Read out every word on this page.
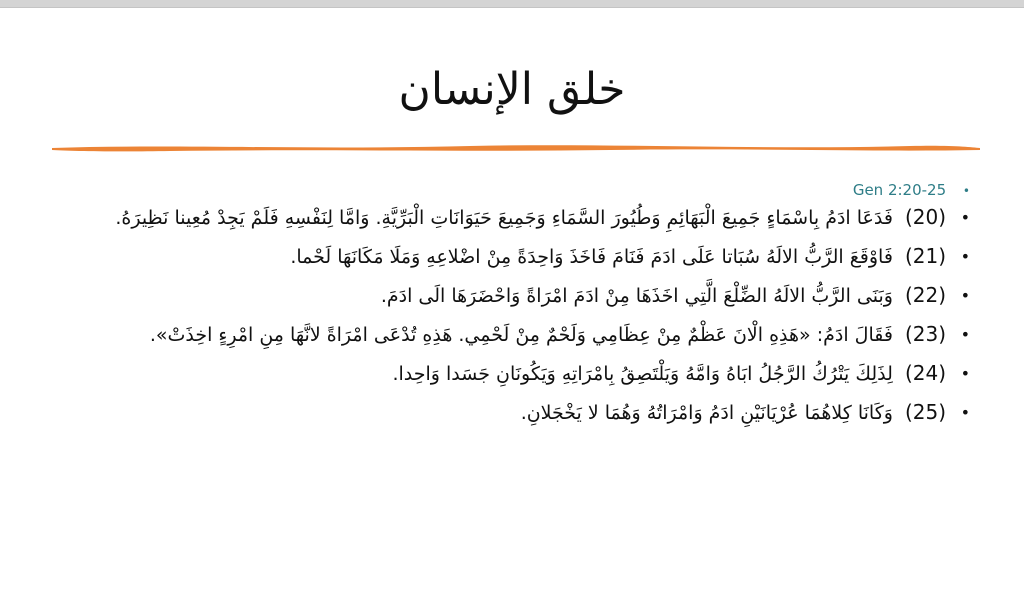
خلق الإنسان
Gen 2:20-25 •
•
(20)فَدَعَا ادَمُ بِاسْمَاءٍ جَمِيعَ الْبَهَائِمِ وَطُيُورَ السَّمَاءِ وَجَمِيعَ حَيَوَانَاتِ الْبَرِّيَّةِ. وَامَّا لِنَفْسِهِ فَلَمْ يَجِدْ مُعِينا نَظِيرَهُ.
•
(21)فَاوْقَعَ الرَّبُّ الالَهُ سُبَاتا عَلَى ادَمَ فَنَامَ فَاخَذَ وَاحِدَةً مِنْ اضْلاعِهِ وَمَلَا مَكَانَهَا لَحْما.
•
(22)وَبَنَى الرَّبُّ الالَهُ الضِّلْعَ الَّتِي اخَذَهَا مِنْ ادَمَ امْرَاةً وَاحْضَرَهَا الَى ادَمَ.
•
(23)فَقَالَ ادَمُ: «هَذِهِ الْانَ عَظْمٌ مِنْ عِظَامِي وَلَحْمٌ مِنْ لَحْمِي. هَذِهِ تُدْعَى امْرَاةً لانَّهَا مِنِ امْرِءٍ اخِذَتْ».
•
(24)لِذَلِكَ يَتْرُكُ الرَّجُلُ ابَاهُ وَامَّهُ وَيَلْتَصِقُ بِامْرَاتِهِ وَيَكُونَانِ جَسَدا وَاحِدا.
•
(25)وَكَانَا كِلاهُمَا عُرْيَانَيْنِ ادَمُ وَامْرَاتُهُ وَهُمَا لا يَخْجَلانِ.
